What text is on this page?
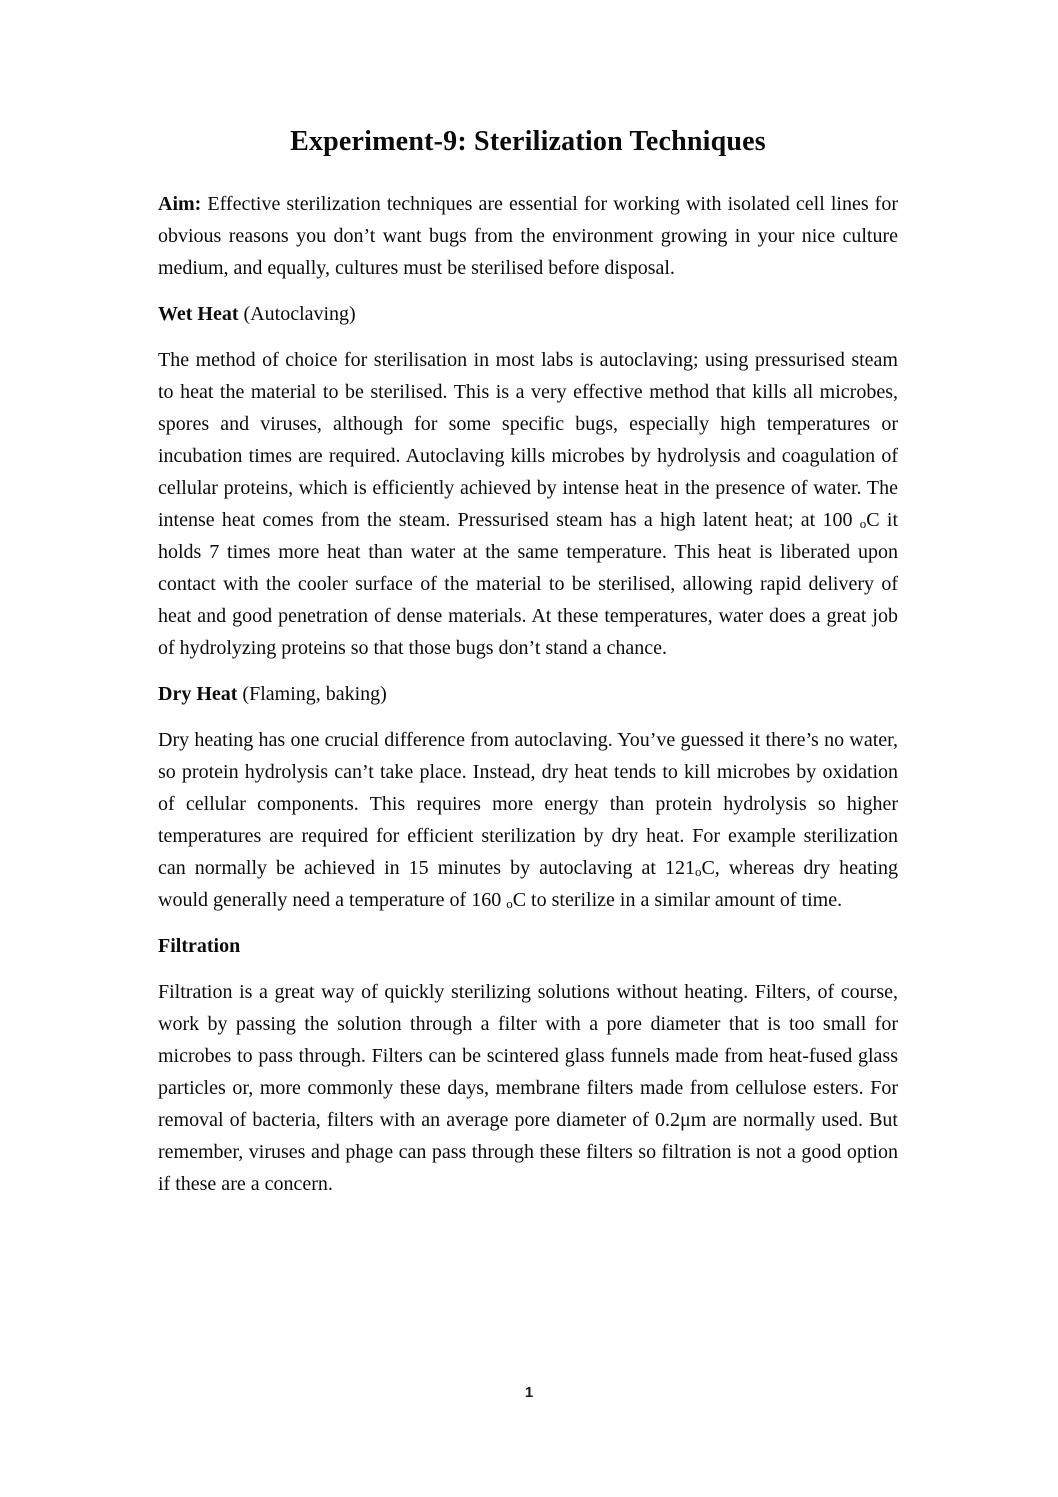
Experiment-9: Sterilization Techniques

Aim: Effective sterilization techniques are essential for working with isolated cell lines for obvious reasons you don’t want bugs from the environment growing in your nice culture medium, and equally, cultures must be sterilised before disposal.

Wet Heat (Autoclaving)

The method of choice for sterilisation in most labs is autoclaving; using pressurised steam to heat the material to be sterilised. This is a very effective method that kills all microbes, spores and viruses, although for some specific bugs, especially high temperatures or incubation times are required. Autoclaving kills microbes by hydrolysis and coagulation of cellular proteins, which is efficiently achieved by intense heat in the presence of water. The intense heat comes from the steam. Pressurised steam has a high latent heat; at 100 oC it holds 7 times more heat than water at the same temperature. This heat is liberated upon contact with the cooler surface of the material to be sterilised, allowing rapid delivery of heat and good penetration of dense materials. At these temperatures, water does a great job of hydrolyzing proteins so that those bugs don’t stand a chance.

Dry Heat (Flaming, baking)

Dry heating has one crucial difference from autoclaving. You’ve guessed it there’s no water, so protein hydrolysis can’t take place. Instead, dry heat tends to kill microbes by oxidation of cellular components. This requires more energy than protein hydrolysis so higher temperatures are required for efficient sterilization by dry heat. For example sterilization can normally be achieved in 15 minutes by autoclaving at 121oC, whereas dry heating would generally need a temperature of 160 oC to sterilize in a similar amount of time.

Filtration

Filtration is a great way of quickly sterilizing solutions without heating. Filters, of course, work by passing the solution through a filter with a pore diameter that is too small for microbes to pass through. Filters can be scintered glass funnels made from heat-fused glass particles or, more commonly these days, membrane filters made from cellulose esters. For removal of bacteria, filters with an average pore diameter of 0.2μm are normally used. But remember, viruses and phage can pass through these filters so filtration is not a good option if these are a concern.

1
